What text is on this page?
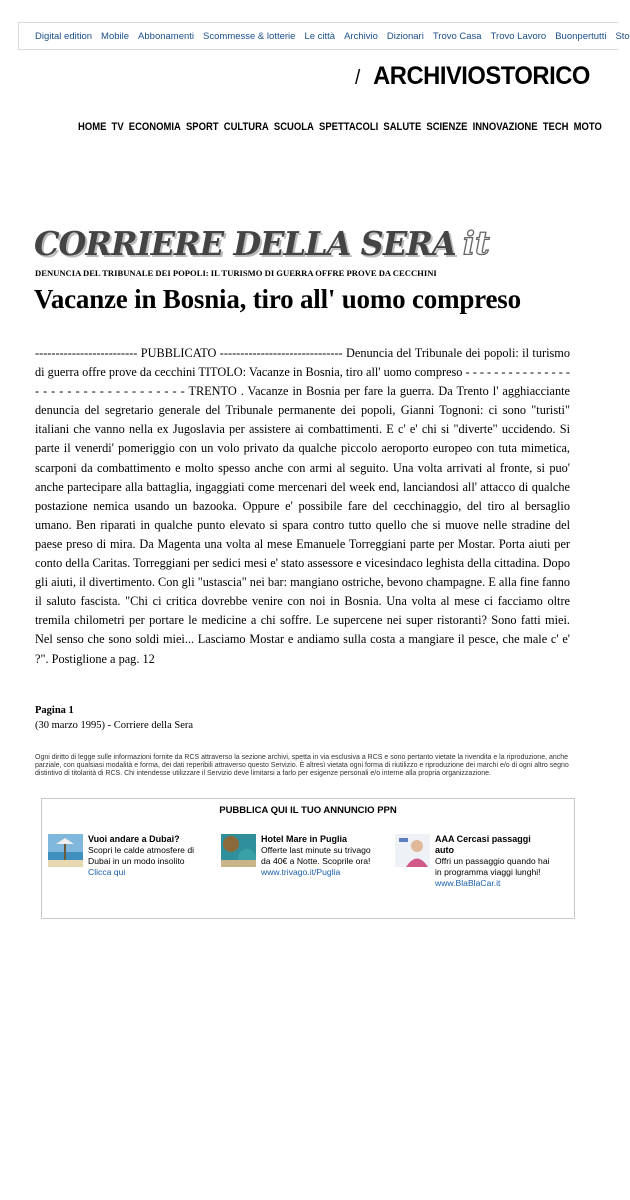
Digital edition Mobile Abbonamenti Scommesse & lotterie Le città Archivio Dizionari Trovo Casa Trovo Lavoro Buonpertutti Sto
/ ARCHIVIOSTORICO
HOME TV ECONOMIA SPORT CULTURA SCUOLA SPETTACOLI SALUTE SCIENZE INNOVAZIONE TECH MOTO
CORRIERE DELLA SERA it
DENUNCIA DEL TRIBUNALE DEI POPOLI: IL TURISMO DI GUERRA OFFRE PROVE DA CECCHINI
Vacanze in Bosnia, tiro all' uomo compreso
------------------------- PUBBLICATO ------------------------------ Denuncia del Tribunale dei popoli: il turismo di guerra offre prove da cecchini TITOLO: Vacanze in Bosnia, tiro all' uomo compreso - - - - - - - - - - - - - - - - - - - - - - - - - - - - - - - - - - TRENTO . Vacanze in Bosnia per fare la guerra. Da Trento l' agghiacciante denuncia del segretario generale del Tribunale permanente dei popoli, Gianni Tognoni: ci sono "turisti" italiani che vanno nella ex Jugoslavia per assistere ai combattimenti. E c' e' chi si "diverte" uccidendo. Si parte il venerdi' pomeriggio con un volo privato da qualche piccolo aeroporto europeo con tuta mimetica, scarponi da combattimento e molto spesso anche con armi al seguito. Una volta arrivati al fronte, si puo' anche partecipare alla battaglia, ingaggiati come mercenari del week end, lanciandosi all' attacco di qualche postazione nemica usando un bazooka. Oppure e' possibile fare del cecchinaggio, del tiro al bersaglio umano. Ben riparati in qualche punto elevato si spara contro tutto quello che si muove nelle stradine del paese preso di mira. Da Magenta una volta al mese Emanuele Torreggiani parte per Mostar. Porta aiuti per conto della Caritas. Torreggiani per sedici mesi e' stato assessore e vicesindaco leghista della cittadina. Dopo gli aiuti, il divertimento. Con gli "ustascia" nei bar: mangiano ostriche, bevono champagne. E alla fine fanno il saluto fascista. "Chi ci critica dovrebbe venire con noi in Bosnia. Una volta al mese ci facciamo oltre tremila chilometri per portare le medicine a chi soffre. Le supercene nei super ristoranti? Sono fatti miei. Nel senso che sono soldi miei... Lasciamo Mostar e andiamo sulla costa a mangiare il pesce, che male c' e' ?". Postiglione a pag. 12
Pagina 1
(30 marzo 1995) - Corriere della Sera
Ogni diritto di legge sulle informazioni fornite da RCS attraverso la sezione archivi, spetta in via esclusiva a RCS e sono pertanto vietate la rivendita e la riproduzione, anche parziale, con qualsiasi modalità e forma, dei dati reperibili attraverso questo Servizio. È altresì vietata ogni forma di riutilizzo e riproduzione dei marchi e/o di ogni altro segno distintivo di titolarità di RCS. Chi intendesse utilizzare il Servizio deve limitarsi a farlo per esigenze personali e/o interne alla propria organizzazione.
PUBBLICA QUI IL TUO ANNUNCIO PPN
Vuoi andare a Dubai?
Scopri le calde atmosfere di Dubai in un modo insolito
Clicca qui
Hotel Mare in Puglia
Offerte last minute su trivago da 40€ a Notte. Scoprile ora!
www.trivago.it/Puglia
AAA Cercasi passaggi auto
Offri un passaggio quando hai in programma viaggi lunghi!
www.BlaBlaCar.it
